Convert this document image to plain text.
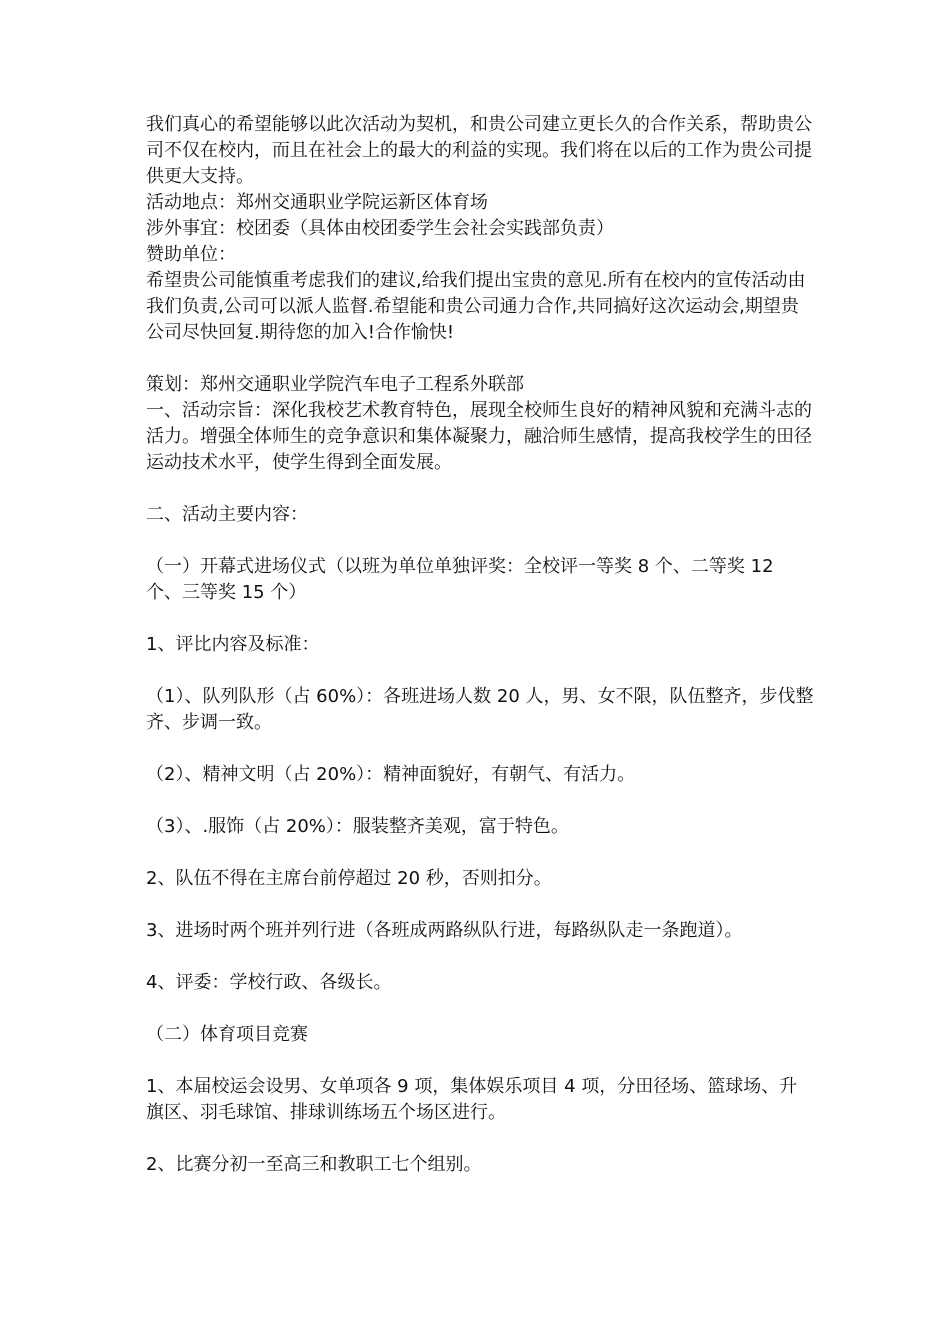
我们真心的希望能够以此次活动为契机，和贵公司建立更长久的合作关系，帮助贵公司不仅在校内，而且在社会上的最大的利益的实现。我们将在以后的工作为贵公司提供更大支持。

活动地点：郑州交通职业学院运新区体育场

涉外事宜：校团委（具体由校团委学生会社会实践部负责）

赞助单位：

希望贵公司能慎重考虑我们的建议,给我们提出宝贵的意见.所有在校内的宣传活动由我们负责,公司可以派人监督.希望能和贵公司通力合作,共同搞好这次运动会,期望贵公司尽快回复.期待您的加入!合作愉快!

策划：郑州交通职业学院汽车电子工程系外联部

一、活动宗旨：深化我校艺术教育特色，展现全校师生良好的精神风貌和充满斗志的活力。增强全体师生的竞争意识和集体凝聚力，融洽师生感情，提高我校学生的田径运动技术水平，使学生得到全面发展。

二、活动主要内容：

（一）开幕式进场仪式（以班为单位单独评奖：全校评一等奖 8 个、二等奖 12 个、三等奖 15 个）

1、评比内容及标准：

（1）、队列队形（占 60%）：各班进场人数 20 人，男、女不限，队伍整齐，步伐整齐、步调一致。

（2）、精神文明（占 20%）：精神面貌好，有朝气、有活力。

（3）、.服饰（占 20%）：服装整齐美观，富于特色。

2、队伍不得在主席台前停超过 20 秒，否则扣分。

3、进场时两个班并列行进（各班成两路纵队行进，每路纵队走一条跑道）。

4、评委：学校行政、各级长。

（二）体育项目竞赛

1、本届校运会设男、女单项各 9 项，集体娱乐项目 4 项，分田径场、篮球场、升旗区、羽毛球馆、排球训练场五个场区进行。

2、比赛分初一至高三和教职工七个组别。
